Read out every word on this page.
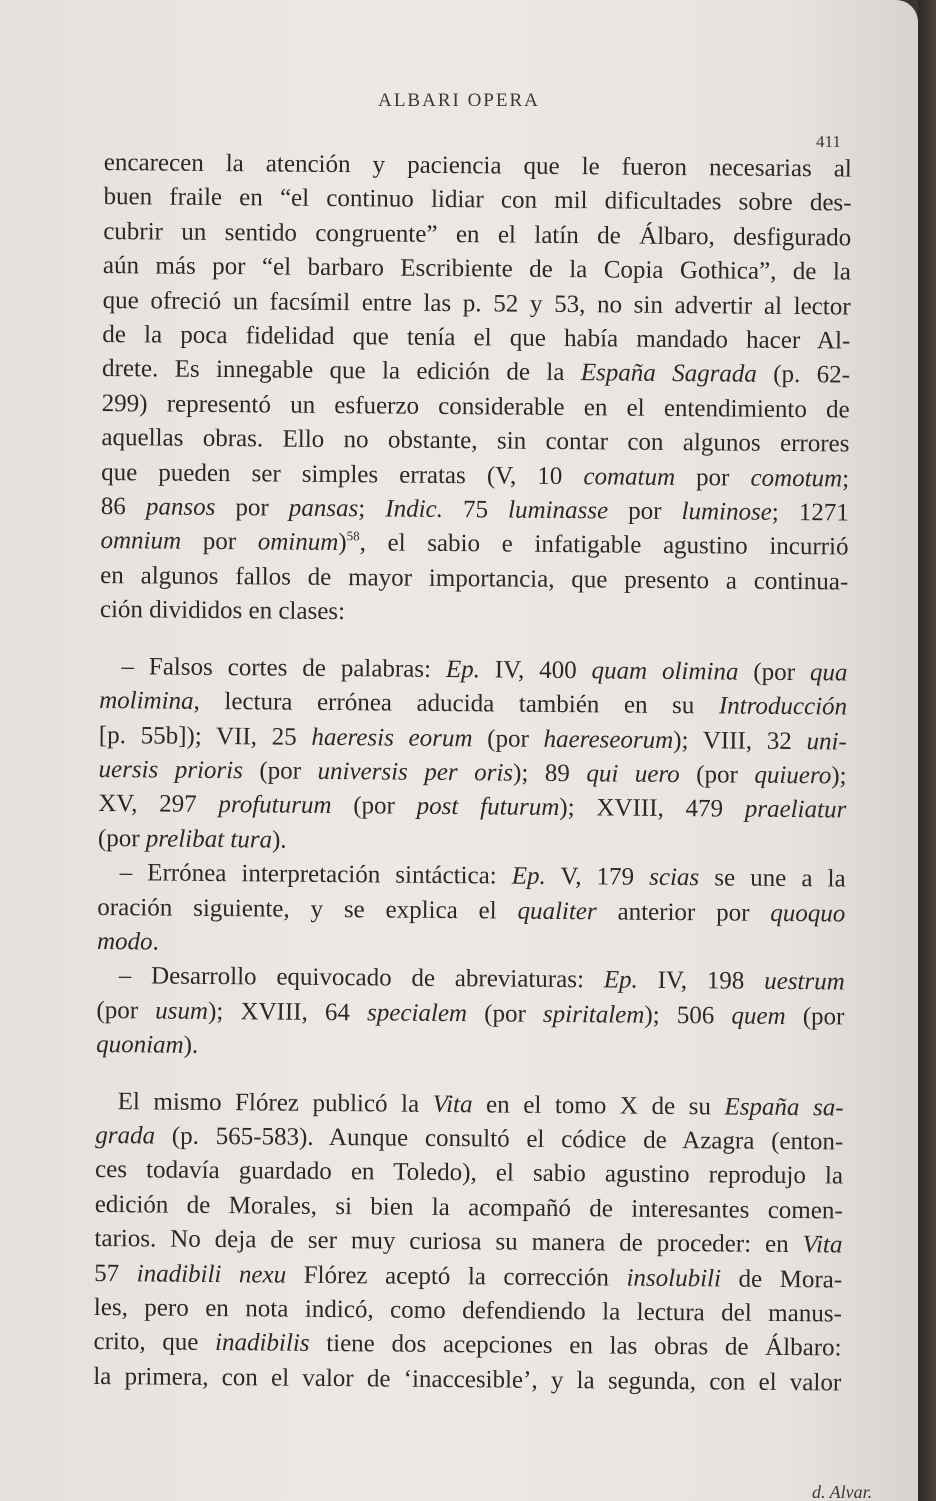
ALBARI OPERA
411
encarecen la atención y paciencia que le fueron necesarias al
buen fraile en “el continuo lidiar con mil dificultades sobre des-
cubrir un sentido congruente” en el latín de Álbaro, desfigurado
aún más por “el barbaro Escribiente de la Copia Gothica”, de la
que ofreció un facsímil entre las p. 52 y 53, no sin advertir al lector
de la poca fidelidad que tenía el que había mandado hacer Al-
drete. Es innegable que la edición de la España Sagrada (p. 62-
299) representó un esfuerzo considerable en el entendimiento de
aquellas obras. Ello no obstante, sin contar con algunos errores
que pueden ser simples erratas (V, 10 comatum por comotum;
86 pansos por pansas; Indic. 75 luminasse por luminose; 1271
omnium por ominum)$^{58}$, el sabio e infatigable agustino incurrió
en algunos fallos de mayor importancia, que presento a continua-
ción divididos en clases:
– Falsos cortes de palabras: Ep. IV, 400 quam olimina (por qua
molimina, lectura errónea aducida también en su Introducción
[p. 55b]); VII, 25 haeresis eorum (por haereseorum); VIII, 32 uni-
uersis prioris (por universis per oris); 89 qui uero (por quiuero);
XV, 297 profuturum (por post futurum); XVIII, 479 praeliatur
(por prelibat tura).
– Errónea interpretación sintáctica: Ep. V, 179 scias se une a la
oración siguiente, y se explica el qualiter anterior por quoquo
modo.
– Desarrollo equivocado de abreviaturas: Ep. IV, 198 uestrum
(por usum); XVIII, 64 specialem (por spiritalem); 506 quem (por
quoniam).
El mismo Flórez publicó la Vita en el tomo X de su España sa-
grada (p. 565-583). Aunque consultó el códice de Azagra (enton-
ces todavía guardado en Toledo), el sabio agustino reprodujo la
edición de Morales, si bien la acompañó de interesantes comen-
tarios. No deja de ser muy curiosa su manera de proceder: en Vita
57 inadibili nexu Flórez aceptó la corrección insolubili de Mora-
les, pero en nota indicó, como defendiendo la lectura del manus-
crito, que inadibilis tiene dos acepciones en las obras de Álbaro:
la primera, con el valor de ‘inaccesible’, y la segunda, con el valor
d. Alvar.
